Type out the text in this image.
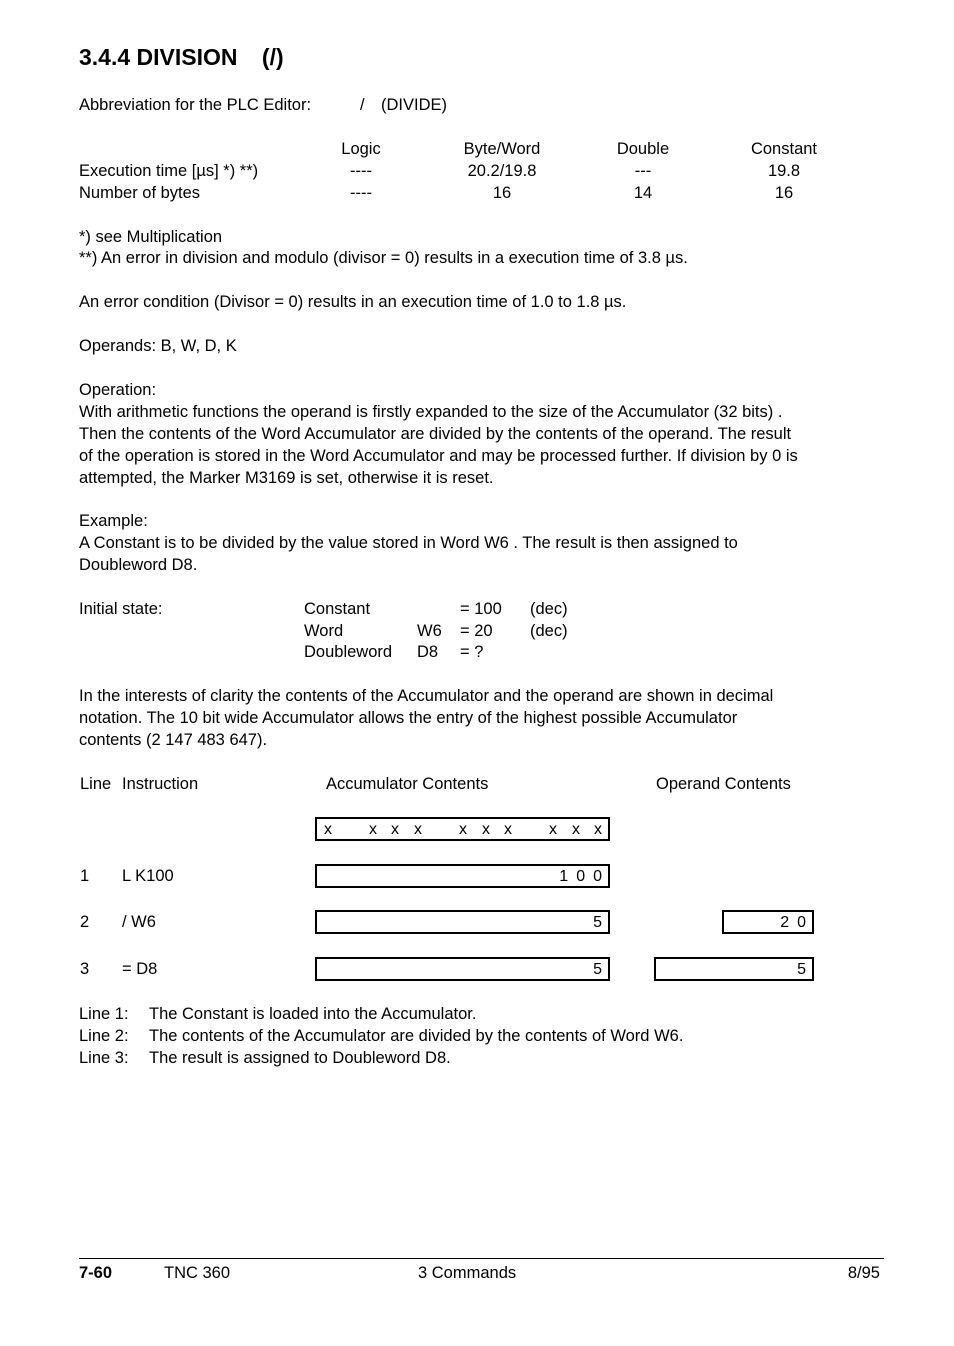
3.4.4 DIVISION (/)
Abbreviation for the PLC Editor:	/ (DIVIDE)
Logic	Byte/Word	Double	Constant
Execution time [µs] *) **)	----	20.2/19.8	---	19.8
Number of bytes	----	16	14	16
*) see Multiplication
**) An error in division and modulo (divisor = 0) results in a execution time of 3.8 µs.
An error condition (Divisor = 0) results in an execution time of 1.0 to 1.8 µs.
Operands: B, W, D, K

Operation:

With arithmetic functions the operand is firstly expanded to the size of the Accumulator (32 bits) .

Then the contents of the Word Accumulator are divided by the contents of the operand. The result

of the operation is stored in the Word Accumulator and may be processed further. If division by 0 is

attempted, the Marker M3169 is set, otherwise it is reset.

Example:

A Constant is to be divided by the value stored in Word W6 . The result is then assigned to

Doubleword D8.

Initial state:	Constant	= 100 (dec)
Word	W6 = 20 (dec)
Doubleword D8 = ?

In the interests of clarity the contents of the Accumulator and the operand are shown in decimal

notation. The 10 bit wide Accumulator allows the entry of the highest possible Accumulator

contents (2 147 483 647).

Line Instruction	Accumulator Contents	Operand Contents
x x x x x x x x x x
1 L K100	100
2 / W6	5	20
3 = D8	5	5
Line 1: The Constant is loaded into the Accumulator.
Line 2: The contents of the Accumulator are divided by the contents of Word W6.
Line 3: The result is assigned to Doubleword D8.
7-60	TNC 360	3 Commands	8/95
